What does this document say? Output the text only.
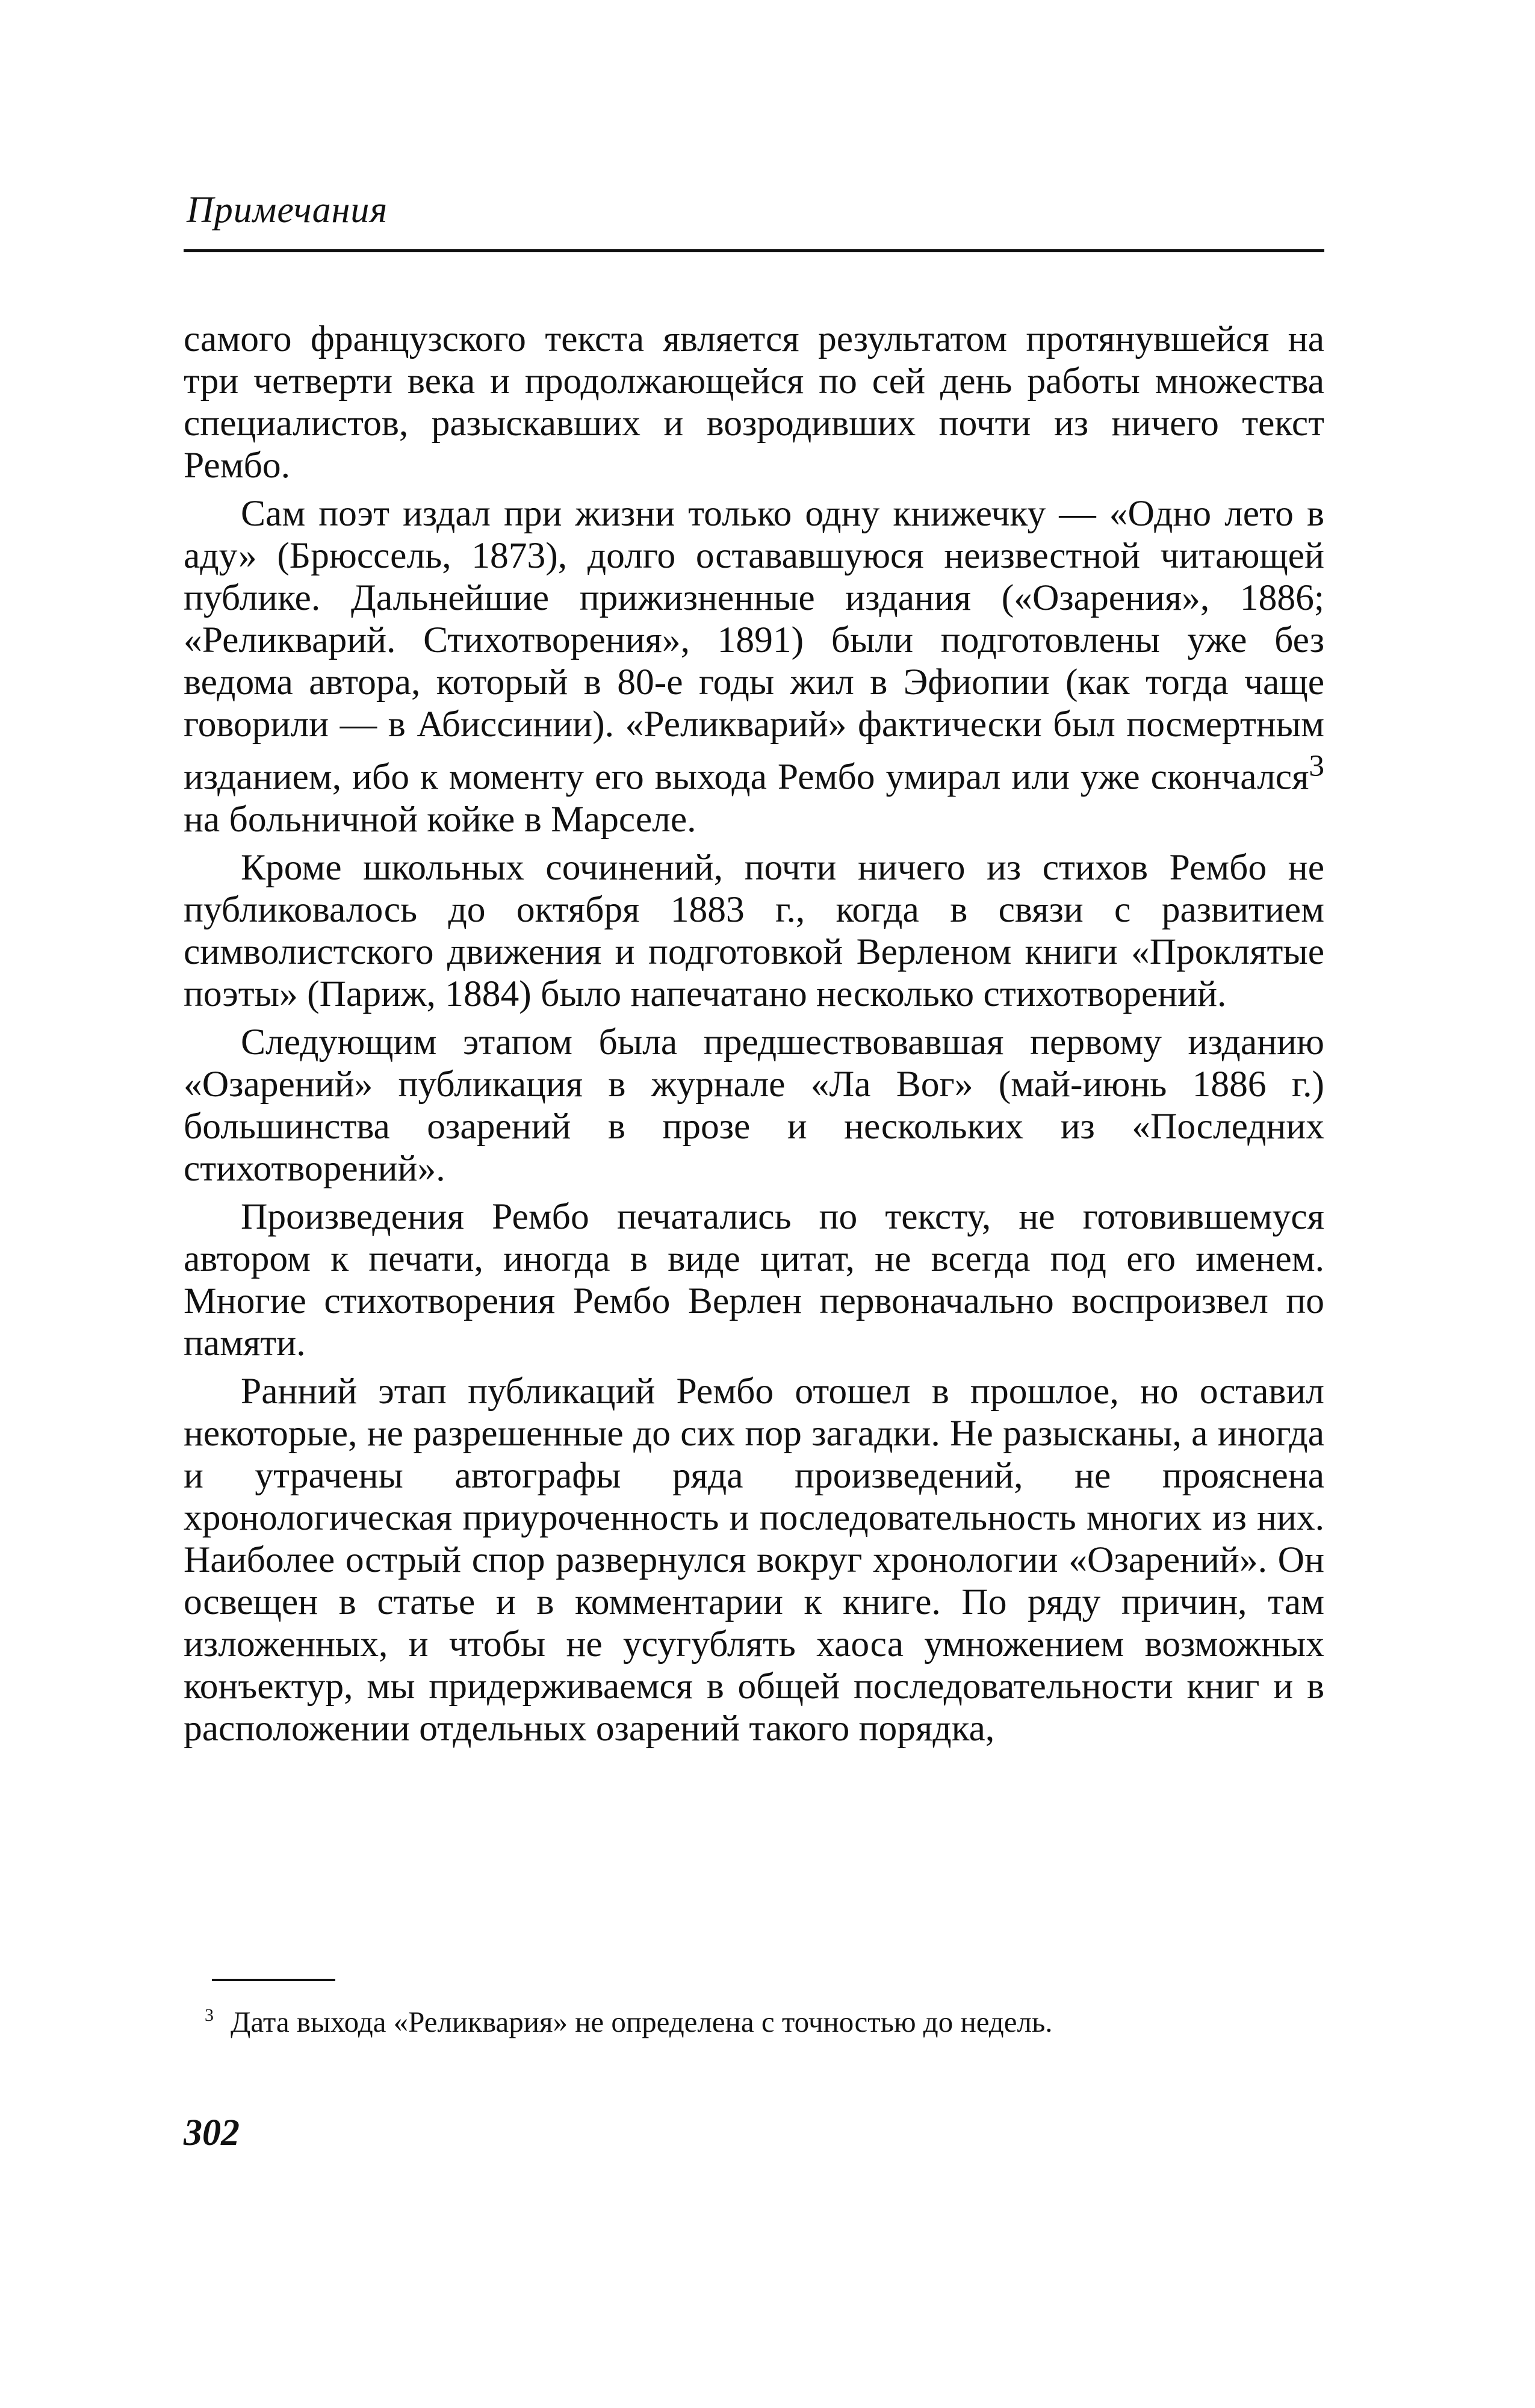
Примечания

самого французского текста является результатом протянувшейся на три четверти века и продолжающейся по сей день работы множества специалистов, разыскавших и возродивших почти из ничего текст Рембо.

Сам поэт издал при жизни только одну книжечку — «Одно лето в аду» (Брюссель, 1873), долго остававшуюся неизвестной читающей публике. Дальнейшие прижизненные издания («Озарения», 1886; «Реликварий. Стихотворения», 1891) были подготовлены уже без ведома автора, который в 80-е годы жил в Эфиопии (как тогда чаще говорили — в Абиссинии). «Реликварий» фактически был посмертным изданием, ибо к моменту его выхода Рембо умирал или уже скончался$^3$ на больничной койке в Марселе.

Кроме школьных сочинений, почти ничего из стихов Рембо не публиковалось до октября 1883 г., когда в связи с развитием символистского движения и подготовкой Верленом книги «Проклятые поэты» (Париж, 1884) было напечатано несколько стихотворений.

Следующим этапом была предшествовавшая первому изданию «Озарений» публикация в журнале «Ла Вог» (май-июнь 1886 г.) большинства озарений в прозе и нескольких из «Последних стихотворений».

Произведения Рембо печатались по тексту, не готовившемуся автором к печати, иногда в виде цитат, не всегда под его именем. Многие стихотворения Рембо Верлен первоначально воспроизвел по памяти.

Ранний этап публикаций Рембо отошел в прошлое, но оставил некоторые, не разрешенные до сих пор загадки. Не разысканы, а иногда и утрачены автографы ряда произведений, не прояснена хронологическая приуроченность и последовательность многих из них. Наиболее острый спор развернулся вокруг хронологии «Озарений». Он освещен в статье и в комментарии к книге. По ряду причин, там изложенных, и чтобы не усугублять хаоса умножением возможных конъектур, мы придерживаемся в общей последовательности книг и в расположении отдельных озарений такого порядка,

$^3$ Дата выхода «Реликвария» не определена с точностью до недель.
302
